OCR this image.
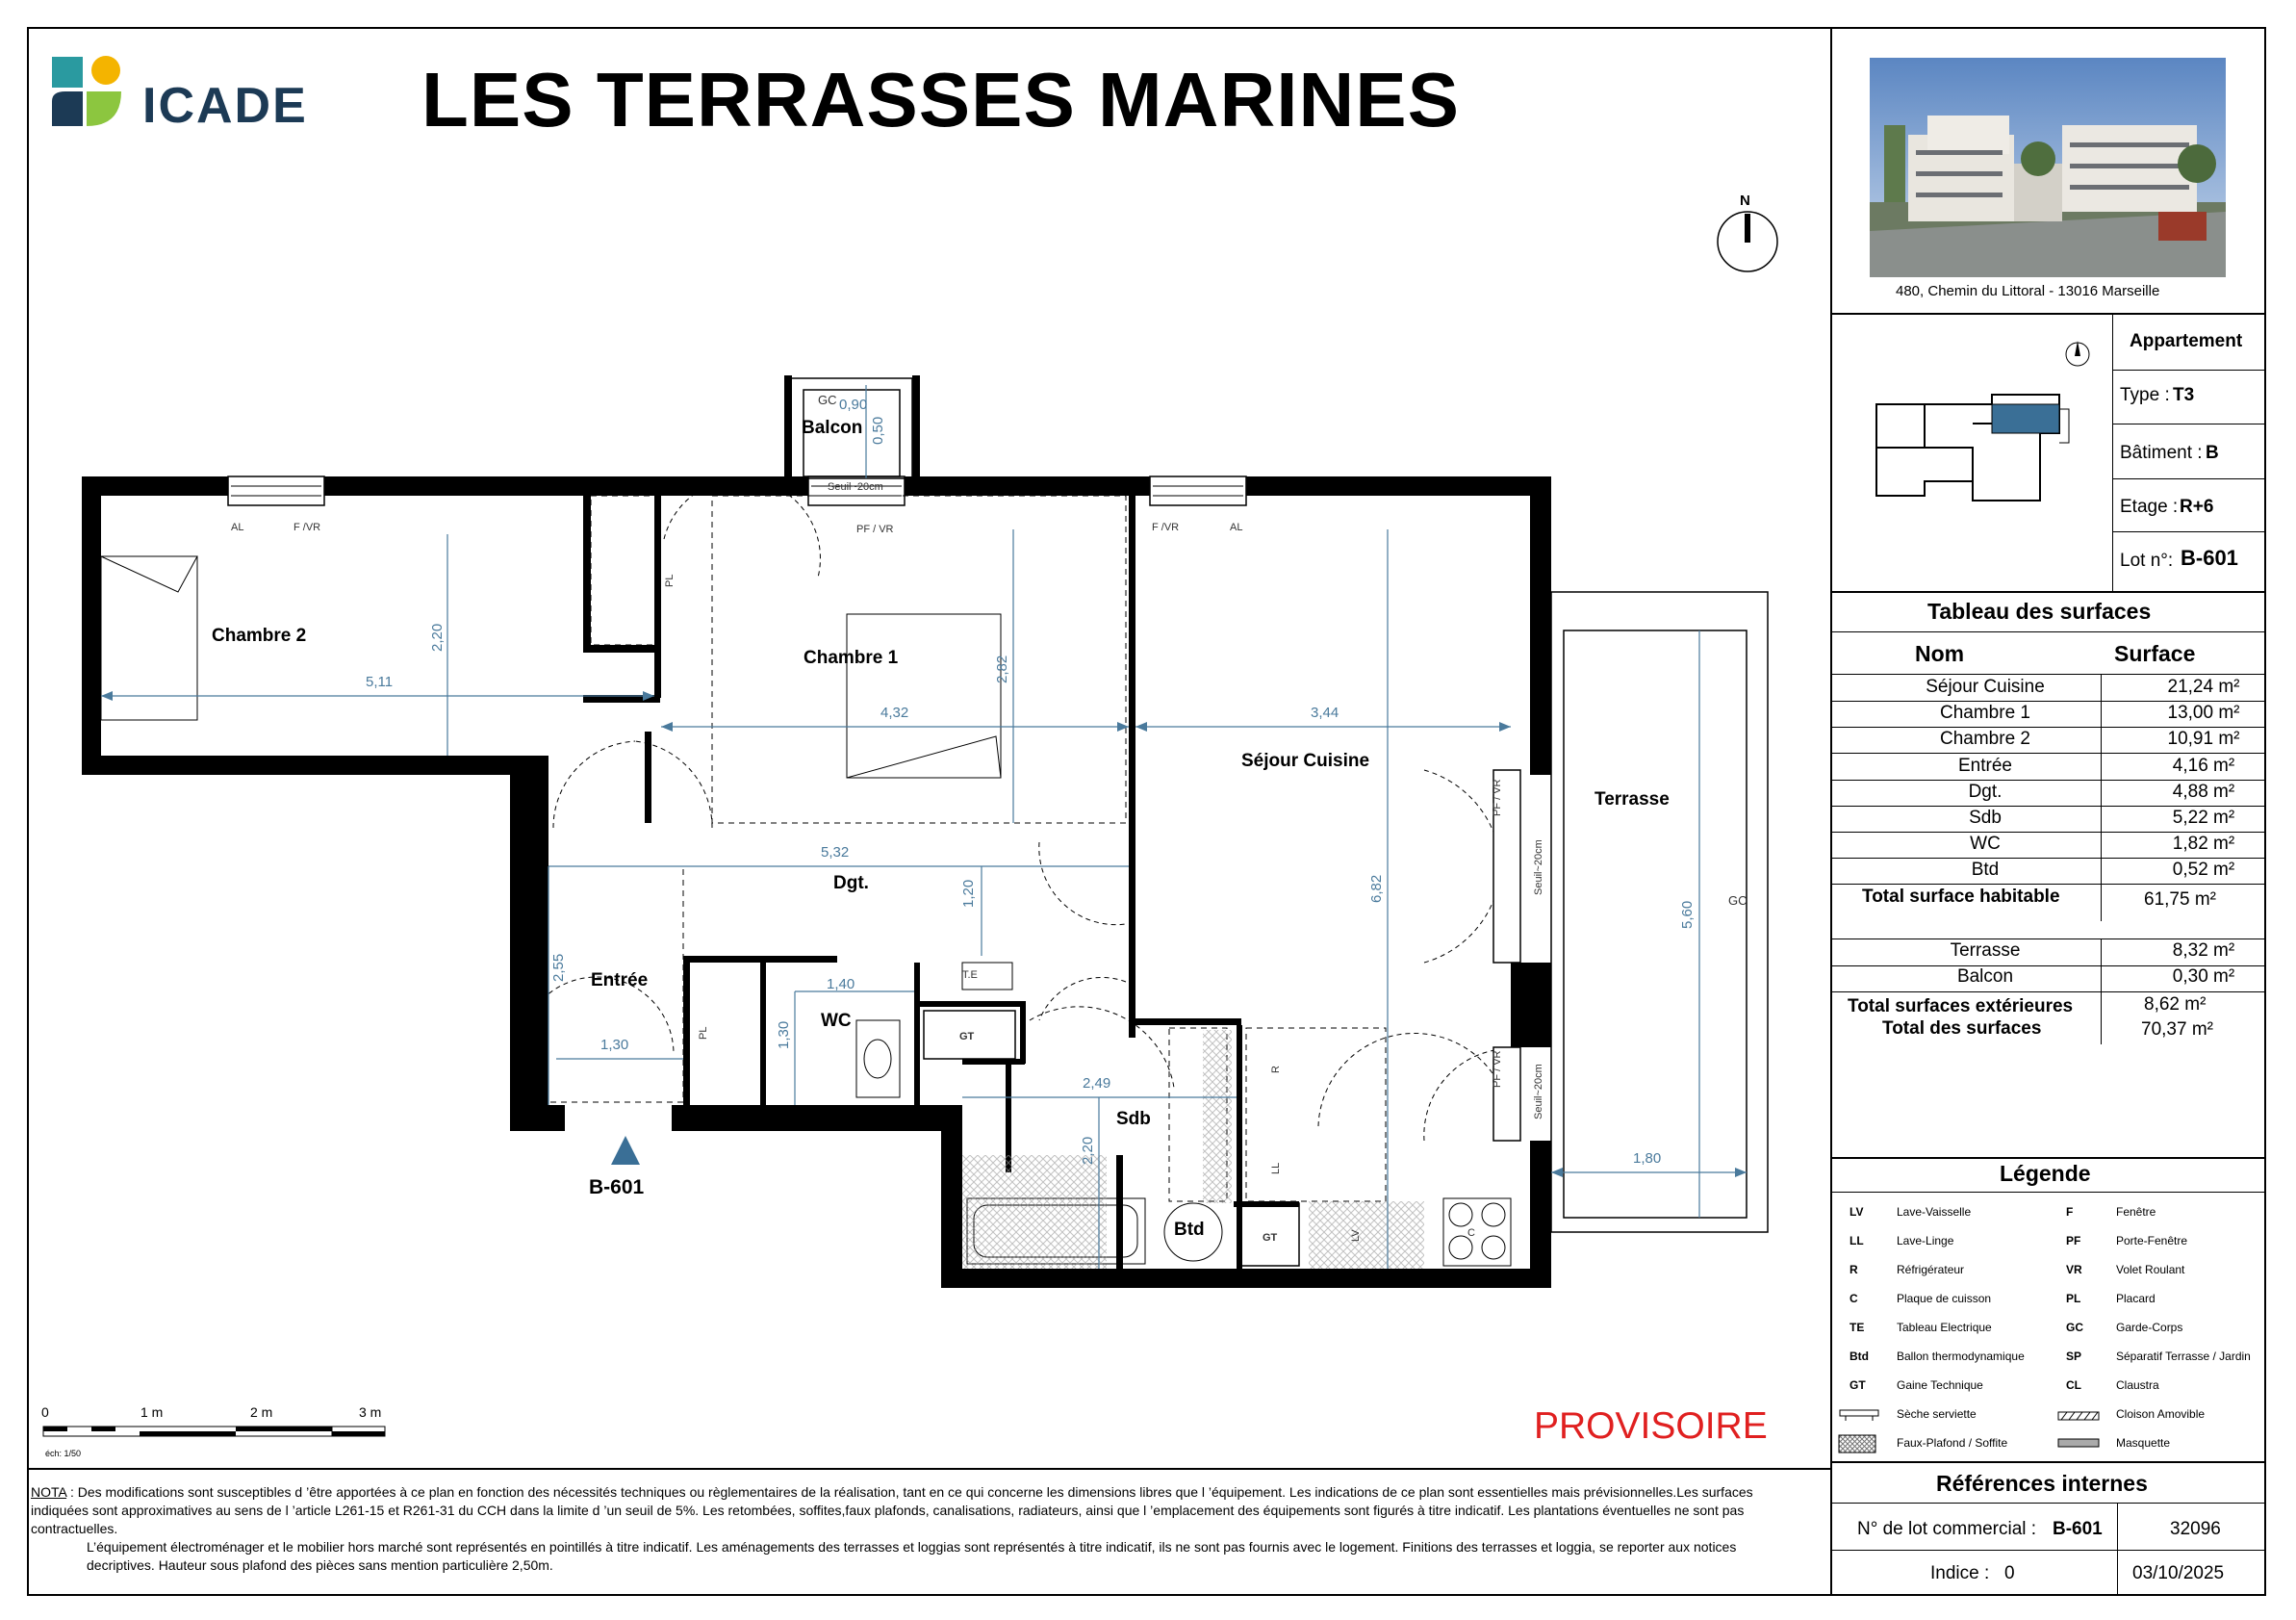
ICADE LES TERRASSES MARINES
N
480, Chemin du Littoral - 13016 Marseille
Appartement
Type : T3
Bâtiment : B
Etage : R+6
Lot n°: B-601
Tableau des surfaces
Nom	Surface
Séjour Cuisine	21,24 m²
Chambre 1	13,00 m²
Chambre 2	10,91 m²
Entrée	4,16 m²
Dgt.	4,88 m²
Sdb	5,22 m²
WC	1,82 m²
Btd	0,52 m²
Total surface habitable	61,75 m²
Terrasse	8,32 m²
Balcon	0,30 m²
Total surfaces extérieures	8,62 m²
Total des surfaces	70,37 m²
Légende
LV	Lave-Vaisselle
LL	Lave-Linge
R	Réfrigérateur
C	Plaque de cuisson
TE	Tableau Electrique
Btd Ballon thermodynamique
GT	Gaine Technique
Sèche serviette
Faux-Plafond / Soffite
F	Fenêtre
PF	Porte-Fenêtre
VR	Volet Roulant
PL	Placard
GC	Garde-Corps
SP	Séparatif Terrasse / Jardin
CL	Claustra
Cloison Amovible
Masquette
Références internes
N° de lot commercial : B-601	32096
Indice : 0	03/10/2025
Chambre 2
Chambre 1
Séjour Cuisine
Terrasse
Dgt.
Entrée
WC
Sdb
Btd
Balcon
5,11
2,20
4,32
2,82
3,44
6,82
5,32
1,20
2,55
1,30
1,40
1,30
2,49
2,20
5,60
1,80
0,90
0,50
GC
Seuil~20cm
AL	F /VR	PF / VR	F /VR	AL
PF / VR
PF / VR
Seuil~20cm
Seuil~20cm
GC
PL
PL
T.E
GT
GT
R
LL
LV	C
B-601
0	1 m	2 m	3 m
éch: 1/50
PROVISOIRE
NOTA : Des modifications sont susceptibles d ’être apportées à ce plan en fonction des nécessités techniques ou règlementaires de la réalisation, tant en ce qui concerne les dimensions libres que l ’équipement. Les indications de ce plan sont essentielles mais prévisionnelles.Les surfaces indiquées sont approximatives au sens de l ’article L261-15 et R261-31 du CCH dans la limite d ’un seuil de 5%. Les retombées, soffites,faux plafonds, canalisations, radiateurs, ainsi que l ’emplacement des équipements sont figurés à titre indicatif. Les plantations éventuelles ne sont pas contractuelles.

L’équipement électroménager et le mobilier hors marché sont représentés en pointillés à titre indicatif. Les aménagements des terrasses et loggias sont représentés à titre indicatif, ils ne sont pas fournis avec le logement. Finitions des terrasses et loggia, se reporter aux notices decriptives. Hauteur sous plafond des pièces sans mention particulière 2,50m.
